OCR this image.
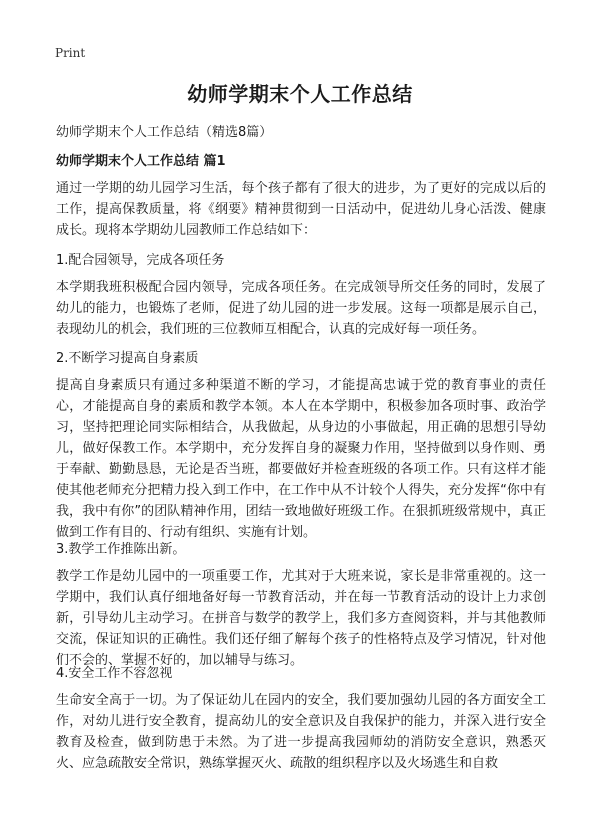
Print
幼师学期末个人工作总结
幼师学期末个人工作总结（精选8篇）
幼师学期末个人工作总结 篇1

通过一学期的幼儿园学习生活，每个孩子都有了很大的进步，为了更好的完成以后的工作，提高保教质量，将《纲要》精神贯彻到一日活动中，促进幼儿身心活泼、健康成长。现将本学期幼儿园教师工作总结如下：

1.配合园领导，完成各项任务

本学期我班积极配合园内领导，完成各项任务。在完成领导所交任务的同时，发展了幼儿的能力，也锻炼了老师，促进了幼儿园的进一步发展。这每一项都是展示自己，表现幼儿的机会，我们班的三位教师互相配合，认真的完成好每一项任务。

2.不断学习提高自身素质

提高自身素质只有通过多种渠道不断的学习，才能提高忠诚于党的教育事业的责任心，才能提高自身的素质和教学本领。本人在本学期中，积极参加各项时事、政治学习，坚持把理论同实际相结合，从我做起，从身边的小事做起，用正确的思想引导幼儿，做好保教工作。本学期中，充分发挥自身的凝聚力作用，坚持做到以身作则、勇于奉献、勤勤恳恳，无论是否当班，都要做好并检查班级的各项工作。只有这样才能使其他老师充分把精力投入到工作中，在工作中从不计较个人得失，充分发挥“你中有我，我中有你”的团队精神作用，团结一致地做好班级工作。在狠抓班级常规中，真正做到工作有目的、行动有组织、实施有计划。

3.教学工作推陈出新。

教学工作是幼儿园中的一项重要工作，尤其对于大班来说，家长是非常重视的。这一学期中，我们认真仔细地备好每一节教育活动，并在每一节教育活动的设计上力求创新，引导幼儿主动学习。在拼音与数学的教学上，我们多方查阅资料，并与其他教师交流，保证知识的正确性。我们还仔细了解每个孩子的性格特点及学习情况，针对他们不会的、掌握不好的，加以辅导与练习。

4.安全工作不容忽视

生命安全高于一切。为了保证幼儿在园内的安全，我们要加强幼儿园的各方面安全工作，对幼儿进行安全教育，提高幼儿的安全意识及自我保护的能力，并深入进行安全教育及检查，做到防患于未然。为了进一步提高我园师幼的消防安全意识，熟悉灭火、应急疏散安全常识，熟练掌握灭火、疏散的组织程序以及火场逃生和自救
